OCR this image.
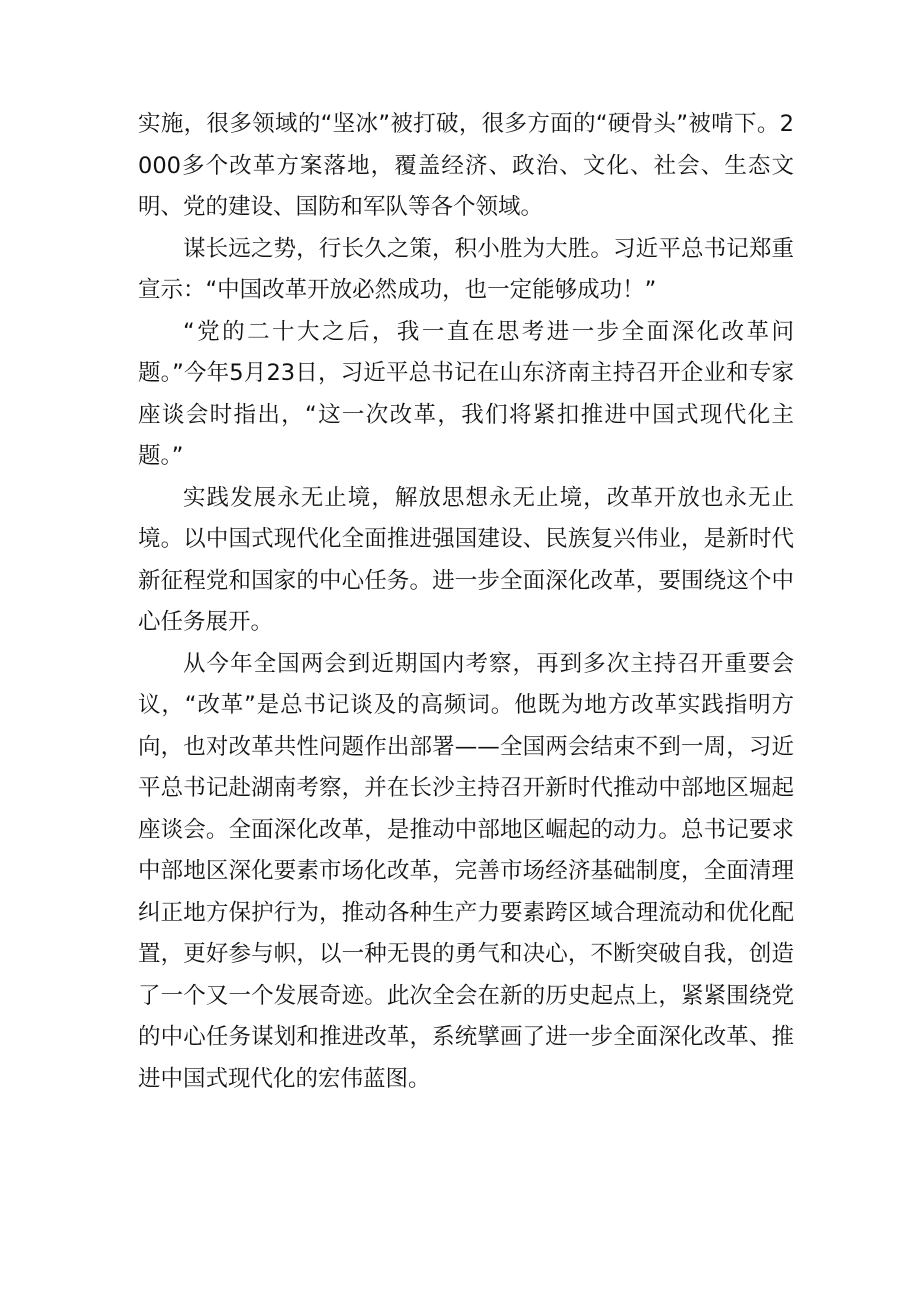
实施，很多领域的“坚冰”被打破，很多方面的“硬骨头”被啃下。2000多个改革方案落地，覆盖经济、政治、文化、社会、生态文明、党的建设、国防和军队等各个领域。

谋长远之势，行长久之策，积小胜为大胜。习近平总书记郑重宣示：“中国改革开放必然成功，也一定能够成功！”

“党的二十大之后，我一直在思考进一步全面深化改革问题。”今年5月23日，习近平总书记在山东济南主持召开企业和专家座谈会时指出，“这一次改革，我们将紧扣推进中国式现代化主题。”

实践发展永无止境，解放思想永无止境，改革开放也永无止境。以中国式现代化全面推进强国建设、民族复兴伟业，是新时代新征程党和国家的中心任务。进一步全面深化改革，要围绕这个中心任务展开。

从今年全国两会到近期国内考察，再到多次主持召开重要会议，“改革”是总书记谈及的高频词。他既为地方改革实践指明方向，也对改革共性问题作出部署——全国两会结束不到一周，习近平总书记赴湖南考察，并在长沙主持召开新时代推动中部地区堀起座谈会。全面深化改革，是推动中部地区崛起的动力。总书记要求中部地区深化要素市场化改革，完善市场经济基础制度，全面清理纠正地方保护行为，推动各种生产力要素跨区域合理流动和优化配置，更好参与帜，以一种无畏的勇气和决心，不断突破自我，创造了一个又一个发展奇迹。此次全会在新的历史起点上，紧紧围绕党的中心任务谋划和推进改革，系统擘画了进一步全面深化改革、推进中国式现代化的宏伟蓝图。
